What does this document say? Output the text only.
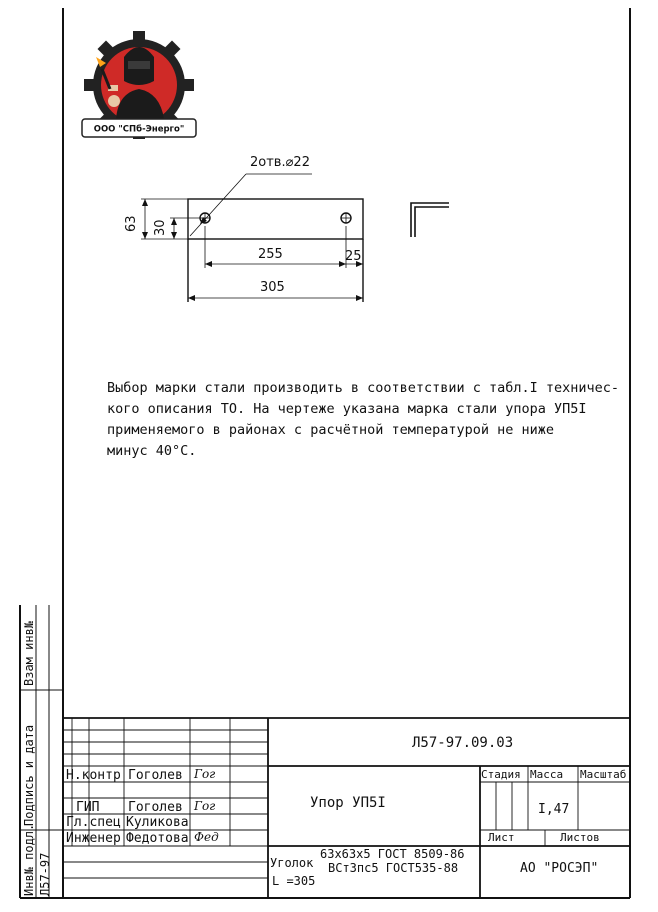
ООО "СПб-Энерго"
2отв.⌀22
63 30
255	25
305
Выбор марки стали производить в соответствии с табл.I техничес-
кого описания ТО. На чертеже указана марка стали упора УП5І
применяемого в районах с расчётной температурой не ниже
минус 40°С.
Инв№ подл.
Подпись и дата
Взам инв№
Л57-97
Л57-97.09.03
Упор УП5І
Н.контр Гоголев Гог
ГИП Гоголев Гог
Гл.спец Куликова
Инженер Федотова Фед
Стадия Масса Масштаб
I,47
Лист	Листов
Уголок
63x63x5 ГОСТ 8509-86
ВСт3пс5 ГОСТ535-88
L =305
АО "РОСЭП"
